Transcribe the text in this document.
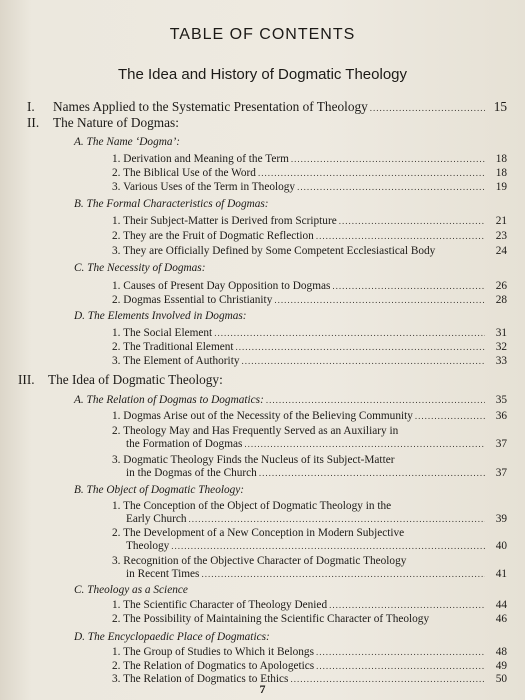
TABLE OF CONTENTS
The Idea and History of Dogmatic Theology
I. Names Applied to the Systematic Presentation of Theology .....	15
II. The Nature of Dogmas:
A. The Name ‘Dogma’:
1. Derivation and Meaning of the Term .....	18
2. The Biblical Use of the Word .....	18
3. Various Uses of the Term in Theology .....	19
B. The Formal Characteristics of Dogmas:
1. Their Subject-Matter is Derived from Scripture .....	21
2. They are the Fruit of Dogmatic Reflection .....	23
3. They are Officially Defined by Some Competent Ecclesiastical Body	24
C. The Necessity of Dogmas:
1. Causes of Present Day Opposition to Dogmas .....	26
2. Dogmas Essential to Christianity .....	28
D. The Elements Involved in Dogmas:
1. The Social Element .....	31
2. The Traditional Element .....	32
3. The Element of Authority .....	33
III. The Idea of Dogmatic Theology:
A. The Relation of Dogmas to Dogmatics: .....	35
1. Dogmas Arise out of the Necessity of the Believing Community .....	36
2. Theology May and Has Frequently Served as an Auxiliary in
the Formation of Dogmas .....	37
3. Dogmatic Theology Finds the Nucleus of its Subject-Matter
in the Dogmas of the Church .....	37
B. The Object of Dogmatic Theology:
1. The Conception of the Object of Dogmatic Theology in the
Early Church .....	39
2. The Development of a New Conception in Modern Subjective
Theology .....	40
3. Recognition of the Objective Character of Dogmatic Theology
in Recent Times .....	41
C. Theology as a Science
1. The Scientific Character of Theology Denied .....	44
2. The Possibility of Maintaining the Scientific Character of Theology	46
D. The Encyclopaedic Place of Dogmatics:
1. The Group of Studies to Which it Belongs .....	48
2. The Relation of Dogmatics to Apologetics .....	49
3. The Relation of Dogmatics to Ethics .....	50
7
